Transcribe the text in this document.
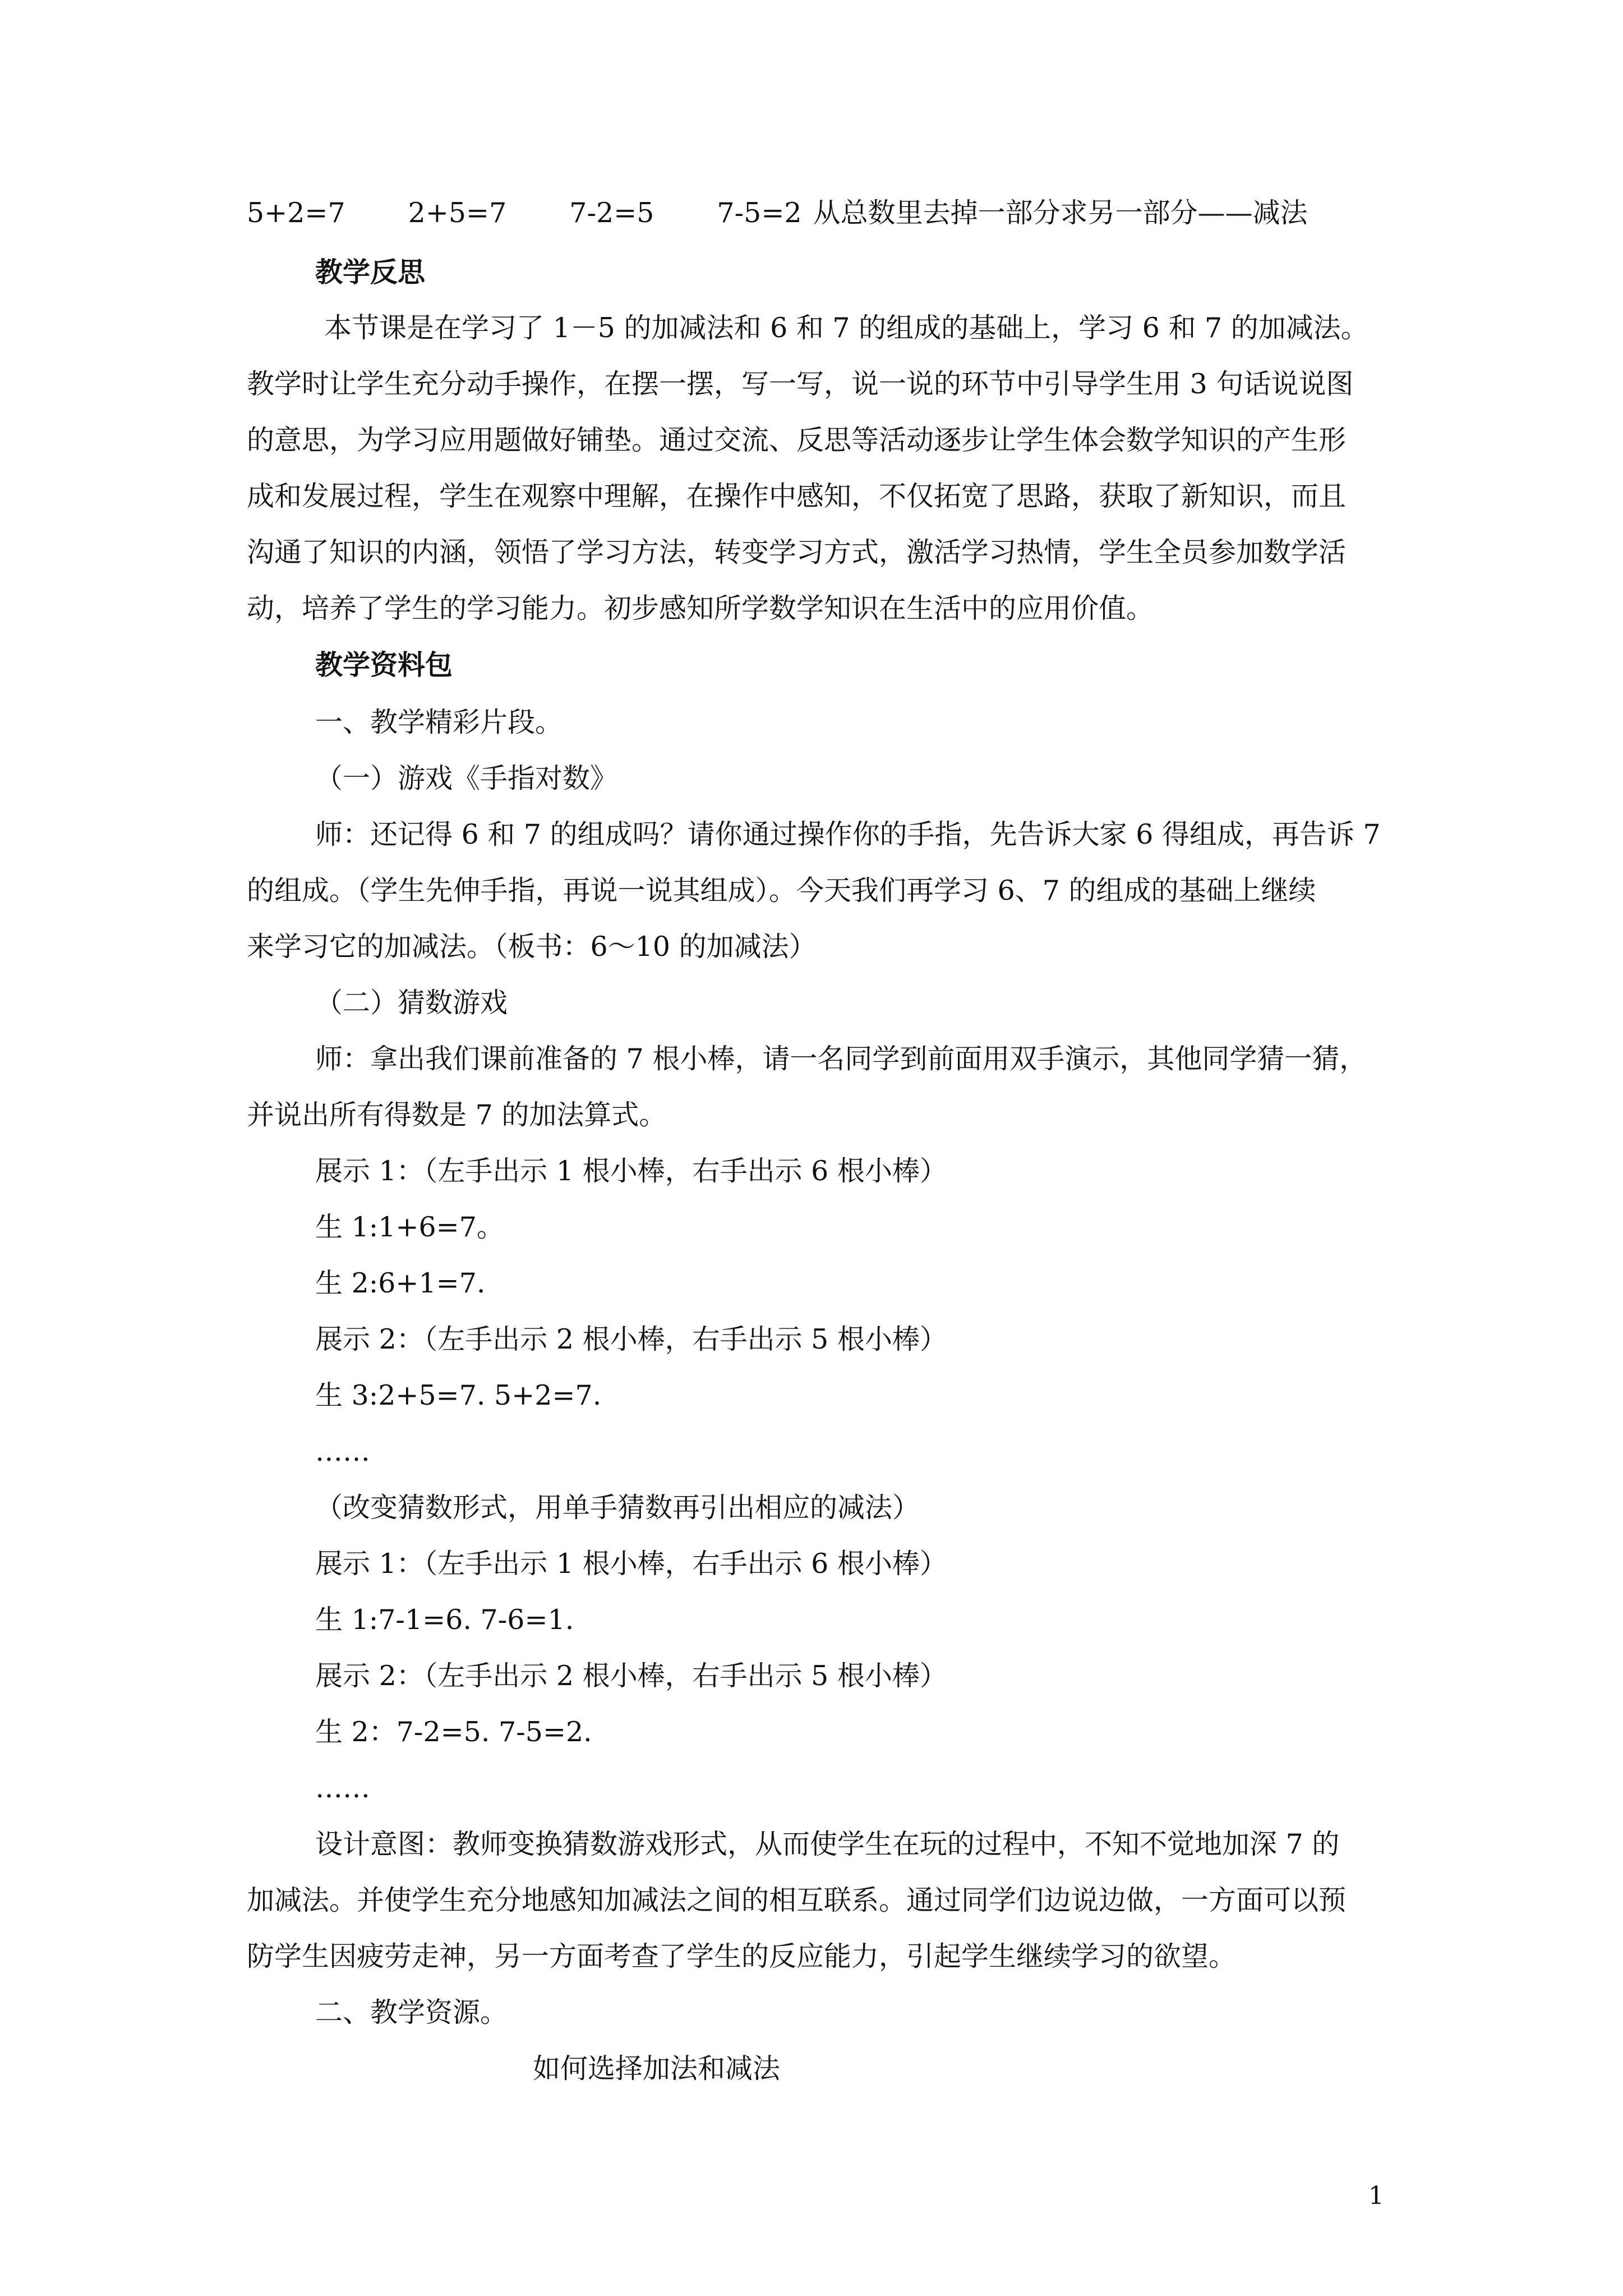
5+2=7 2+5=7 7-2=5 7-5=2 从总数里去掉一部分求另一部分——减法
教学反思
本节课是在学习了 1－5 的加减法和 6 和 7 的组成的基础上，学习 6 和 7 的加减法。
教学时让学生充分动手操作，在摆一摆，写一写，说一说的环节中引导学生用 3 句话说说图
的意思，为学习应用题做好铺垫。通过交流、反思等活动逐步让学生体会数学知识的产生形
成和发展过程，学生在观察中理解，在操作中感知，不仅拓宽了思路，获取了新知识，而且
沟通了知识的内涵，领悟了学习方法，转变学习方式，激活学习热情，学生全员参加数学活
动，培养了学生的学习能力。初步感知所学数学知识在生活中的应用价值。
教学资料包
一、教学精彩片段。
（一）游戏《手指对数》
师：还记得 6 和 7 的组成吗？请你通过操作你的手指，先告诉大家 6 得组成，再告诉 7
的组成。（学生先伸手指，再说一说其组成）。今天我们再学习 6、7 的组成的基础上继续
来学习它的加减法。（板书：6～10 的加减法）
（二）猜数游戏
师：拿出我们课前准备的 7 根小棒，请一名同学到前面用双手演示，其他同学猜一猜，
并说出所有得数是 7 的加法算式。
展示 1：（左手出示 1 根小棒，右手出示 6 根小棒）
生 1:1+6=7。
生 2:6+1=7.
展示 2：（左手出示 2 根小棒，右手出示 5 根小棒）
生 3:2+5=7. 5+2=7.
……
（改变猜数形式，用单手猜数再引出相应的减法）
展示 1：（左手出示 1 根小棒，右手出示 6 根小棒）
生 1:7-1=6. 7-6=1.
展示 2：（左手出示 2 根小棒，右手出示 5 根小棒）
生 2：7-2=5. 7-5=2.
……
设计意图：教师变换猜数游戏形式，从而使学生在玩的过程中，不知不觉地加深 7 的
加减法。并使学生充分地感知加减法之间的相互联系。通过同学们边说边做，一方面可以预
防学生因疲劳走神，另一方面考查了学生的反应能力，引起学生继续学习的欲望。
二、教学资源。
如何选择加法和减法
1
